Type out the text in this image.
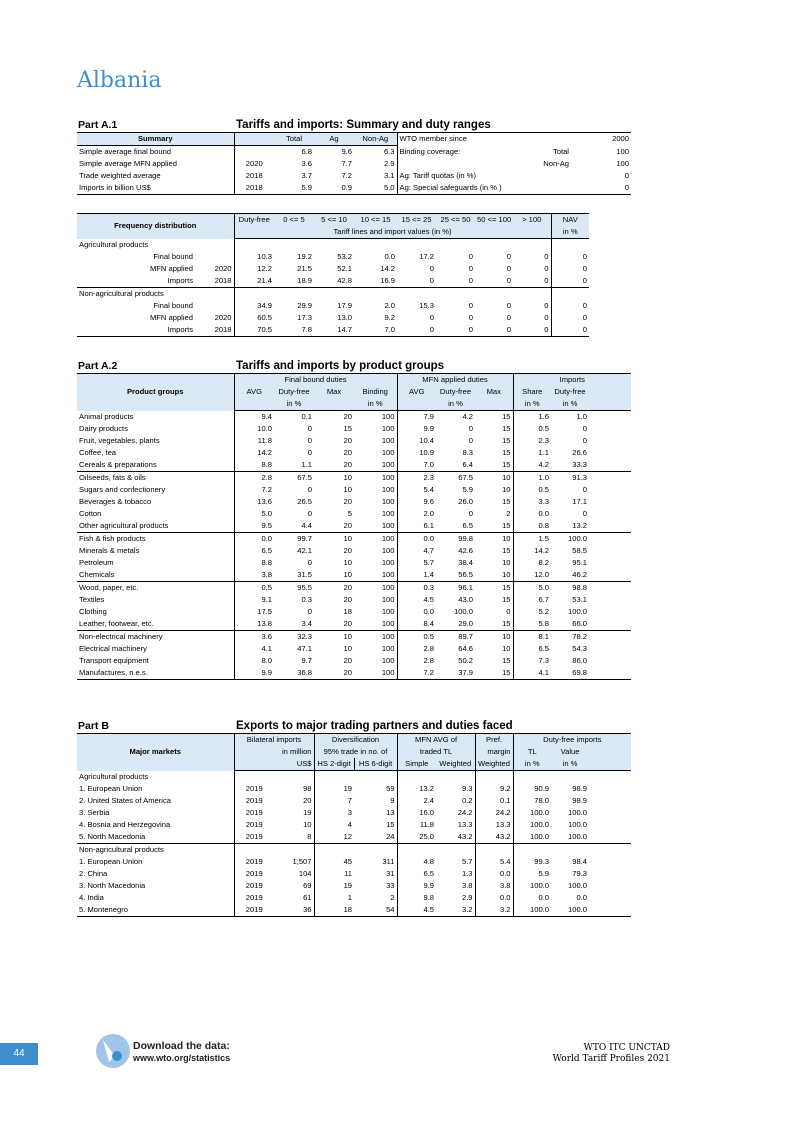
Albania
Part A.1	Tariffs and imports: Summary and duty ranges
Summary		Total	Ag	Non-Ag	WTO member since		2000
Simple average final bound		6.8	9.6	6.3	Binding coverage:	Total	100
Simple average MFN applied	2020	3.6	7.7	2.9		Non-Ag	100
Trade weighted average	2018	3.7	7.2	3.1	Ag: Tariff quotas (in %)		0
Imports in billion US$	2018	5.9	0.9	5.0	Ag: Special safeguards (in % )		0
Frequency distribution		Duty-free	0 <= 5	5 <= 10	10 <= 15	15 <= 25	25 <= 50	50 <= 100	> 100	NAV
		Tariff lines and import values (in %)								in %
Agricultural products										
Final bound		10.3	19.2	53.2	0.0	17.2	0	0	0	0
MFN applied	2020	12.2	21.5	52.1	14.2	0	0	0	0	0
Imports	2018	21.4	18.9	42.8	16.9	0	0	0	0	0
Non-agricultural products										
Final bound		34.9	29.9	17.9	2.0	15.3	0	0	0	0
MFN applied	2020	60.5	17.3	13.0	9.2	0	0	0	0	0
Imports	2018	70.5	7.8	14.7	7.0	0	0	0	0	0
Part A.2	Tariffs and imports by product groups
Product groups	Final bound duties				MFN applied duties			Imports		
	AVG	Duty-free	Max	Binding	AVG	Duty-free	Max	Share	Duty-free	
		in %		in %		in %		in %	in %	
Animal products	9.4	0.1	20	100	7.9	4.2	15	1.6	1.0	
Dairy products	10.0	0	15	100	9.9	0	15	0.5	0	
Fruit, vegetables, plants	11.8	0	20	100	10.4	0	15	2.3	0	
Coffee, tea	14.2	0	20	100	10.9	8.3	15	1.1	26.6	
Cereals & preparations	8.8	1.1	20	100	7.0	6.4	15	4.2	33.3	
Oilseeds, fats & oils	2.8	67.5	10	100	2.3	67.5	10	1.0	91.3	
Sugars and confectionery	7.2	0	10	100	5.4	5.9	10	0.5	0	
Beverages & tobacco	13.6	26.5	20	100	9.6	26.0	15	3.3	17.1	
Cotton	5.0	0	5	100	2.0	0	2	0.0	0	
Other agricultural products	9.5	4.4	20	100	6.1	6.5	15	0.8	13.2	
Fish & fish products	0.0	99.7	10	100	0.0	99.8	10	1.5	100.0	
Minerals & metals	6.5	42.1	20	100	4.7	42.6	15	14.2	58.5	
Petroleum	8.8	0	10	100	5.7	38.4	10	8.2	95.1	
Chemicals	3.8	31.5	10	100	1.4	56.5	10	12.0	46.2	
Wood, paper, etc.	0.5	95.5	20	100	0.3	96.1	15	5.0	98.8	
Textiles	9.1	0.3	20	100	4.5	43.0	15	6.7	53.1	
Clothing	17.5	0	18	100	0.0	100.0	0	5.2	100.0	
Leather, footwear, etc.	13.8	3.4	20	100	8.4	29.0	15	5.8	66.0	
Non-electrical machinery	3.6	32.3	10	100	0.5	89.7	10	8.1	78.2	
Electrical machinery	4.1	47.1	10	100	2.8	64.6	10	6.5	54.3	
Transport equipment	8.0	9.7	20	100	2.8	50.2	15	7.3	86.0	
Manufactures, n.e.s.	9.9	36.8	20	100	7.2	37.9	15	4.1	69.8	
Part B	Exports to major trading partners and duties faced
Major markets	Bilateral imports		Diversification		MFN AVG of		Pref.	Duty-free imports		
		in million	95% trade in no. of		traded TL		margin	TL	Value	
		US$	HS 2-digit	HS 6-digit	Simple	Weighted	Weighted	in %	in %	
Agricultural products										
1. European Union	2019	98	19	59	13.2	9.3	9.2	90.9	98.9	
2. United States of America	2019	20	7	9	2.4	0.2	0.1	78.0	98.9	
3. Serbia	2019	19	3	13	16.0	24.2	24.2	100.0	100.0	
4. Bosnia and Herzegovina	2019	10	4	15	11.8	13.3	13.3	100.0	100.0	
5. North Macedonia	2019	8	12	24	25.0	43.2	43.2	100.0	100.0	
Non-agricultural products										
1. European Union	2019	1,507	45	311	4.8	5.7	5.4	99.3	98.4	
2. China	2019	104	11	31	6.5	1.3	0.0	5.9	79.3	
3. North Macedonia	2019	69	19	33	9.9	3.8	3.8	100.0	100.0	
4. India	2019	61	1	2	9.8	2.9	0.0	0.0	0.0	
5. Montenegro	2019	36	18	54	4.5	3.2	3.2	100.0	100.0	
Download the data:
www.wto.org/statistics
44	WTO ITC UNCTAD
World Tariff Profiles 2021
